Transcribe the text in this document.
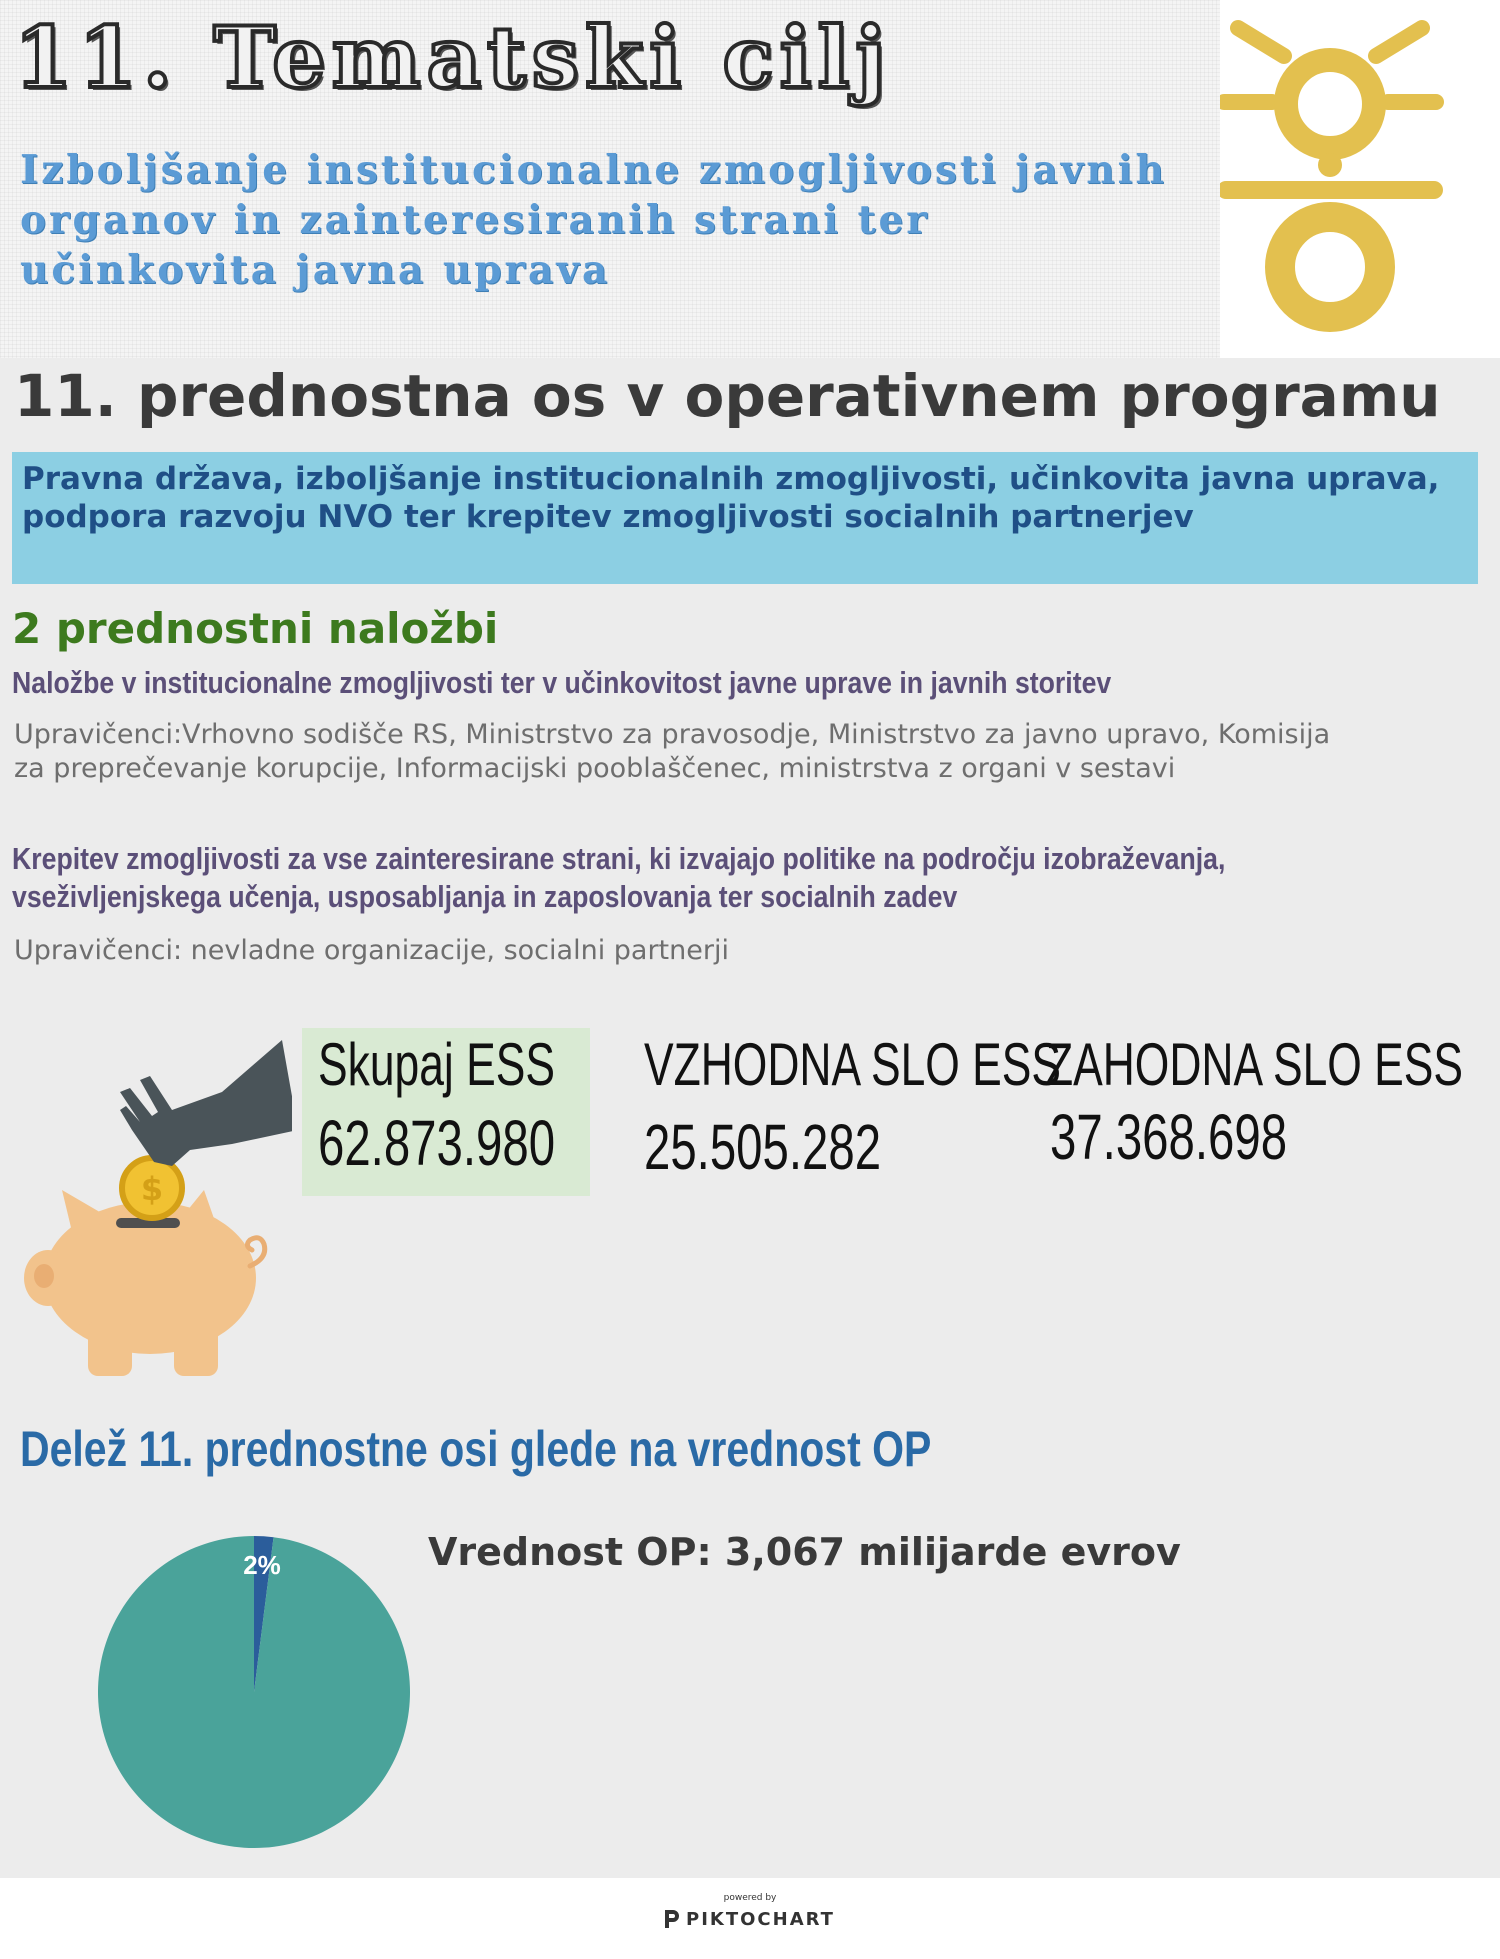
11. Tematski cilj
Izboljšanje institucionalne zmogljivosti javnih organov in zainteresiranih strani ter učinkovita javna uprava
11. prednostna os v operativnem programu

Pravna država, izboljšanje institucionalnih zmogljivosti, učinkovita javna uprava, podpora razvoju NVO ter krepitev zmogljivosti socialnih partnerjev

2 prednostni naložbi
Naložbe v institucionalne zmogljivosti ter v učinkovitost javne uprave in javnih storitev

Upravičenci:Vrhovno sodišče RS, Ministrstvo za pravosodje, Ministrstvo za javno upravo, Komisija za preprečevanje korupcije, Informacijski pooblaščenec, ministrstva z organi v sestavi

Krepitev zmogljivosti za vse zainteresirane strani, ki izvajajo politike na področju izobraževanja, vseživljenjskega učenja, usposabljanja in zaposlovanja ter socialnih zadev

Upravičenci: nevladne organizacije, socialni partnerji

$

Skupaj ESS

62.873.980

VZHODNA SLO ESS

25.505.282

ZAHODNA SLO ESS

37.368.698

Delež 11. prednostne osi glede na vrednost OP

Vrednost OP: 3,067 milijarde evrov

2%

powered by

PIKTOCHART
